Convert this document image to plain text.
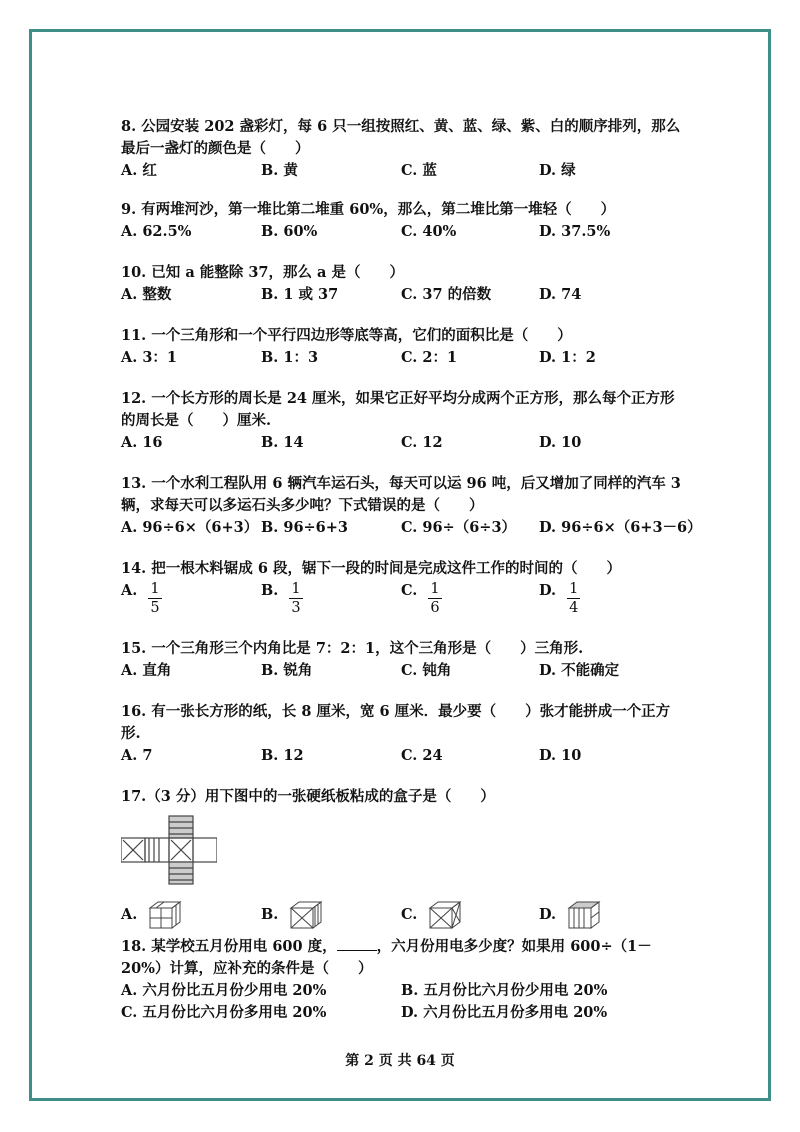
8. 公园安装 202 盏彩灯，每 6 只一组按照红、黄、蓝、绿、紫、白的顺序排列，那么最后一盏灯的颜色是（　　）

A. 红	B. 黄	C. 蓝	D. 绿

9. 有两堆河沙，第一堆比第二堆重 60%，那么，第二堆比第一堆轻（　　）

A. 62.5%	B. 60%	C. 40%	D. 37.5%

10. 已知 a 能整除 37，那么 a 是（　　）

A. 整数	B. 1 或 37	C. 37 的倍数	D. 74

11. 一个三角形和一个平行四边形等底等高，它们的面积比是（　　）

A. 3：1	B. 1：3	C. 2：1	D. 1：2

12. 一个长方形的周长是 24 厘米，如果它正好平均分成两个正方形，那么每个正方形的周长是（　　）厘米.

A. 16	B. 14	C. 12	D. 10

13. 一个水利工程队用 6 辆汽车运石头，每天可以运 96 吨，后又增加了同样的汽车 3 辆，求每天可以多运石头多少吨？下式错误的是（　　）

A. 96÷6×（6+3） B. 96÷6+3	C. 96÷（6÷3） D. 96÷6×（6+3－6）

14. 把一根木料锯成 6 段，锯下一段的时间是完成这件工作的时间的（　　）

A. $\frac{1}{5}$	B. $\frac{1}{3}$	C. $\frac{1}{6}$	D. $\frac{1}{4}$

15. 一个三角形三个内角比是 7：2：1，这个三角形是（　　）三角形.

A. 直角	B. 锐角	C. 钝角	D. 不能确定

16. 有一张长方形的纸，长 8 厘米，宽 6 厘米．最少要（　　）张才能拼成一个正方形.

A. 7	B. 12	C. 24	D. 10

17.（3 分）用下图中的一张硬纸板粘成的盒子是（　　）

A.	B.	C.	D.

18. 某学校五月份用电 600 度，	，六月份用电多少度？如果用 600÷（1－20%）计算，应补充的条件是（　　）

A. 六月份比五月份少用电 20%	B. 五月份比六月份少用电 20%
C. 五月份比六月份多用电 20%	D. 六月份比五月份多用电 20%
第 2 页 共 64 页
